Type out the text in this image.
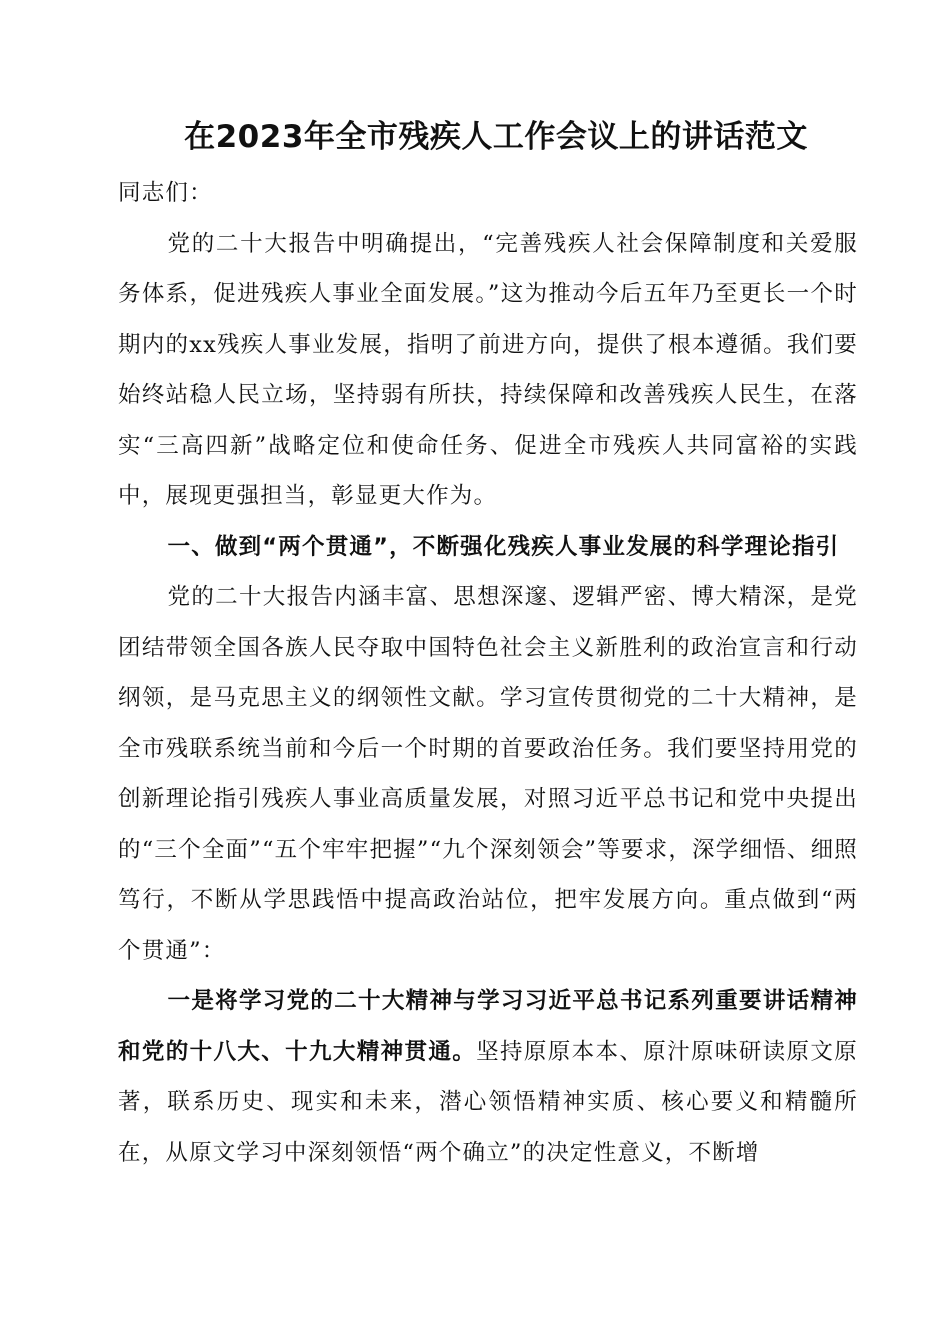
在2023年全市残疾人工作会议上的讲话范文

同志们：

党的二十大报告中明确提出，“完善残疾人社会保障制度和关爱服务体系，促进残疾人事业全面发展。”这为推动今后五年乃至更长一个时期内的xx残疾人事业发展，指明了前进方向，提供了根本遵循。我们要始终站稳人民立场，坚持弱有所扶，持续保障和改善残疾人民生，在落实“三高四新”战略定位和使命任务、促进全市残疾人共同富裕的实践中，展现更强担当，彰显更大作为。

一、做到“两个贯通”，不断强化残疾人事业发展的科学理论指引

党的二十大报告内涵丰富、思想深邃、逻辑严密、博大精深，是党团结带领全国各族人民夺取中国特色社会主义新胜利的政治宣言和行动纲领，是马克思主义的纲领性文献。学习宣传贯彻党的二十大精神，是全市残联系统当前和今后一个时期的首要政治任务。我们要坚持用党的创新理论指引残疾人事业高质量发展，对照习近平总书记和党中央提出的“三个全面”“五个牢牢把握”“九个深刻领会”等要求，深学细悟、细照笃行，不断从学思践悟中提高政治站位，把牢发展方向。重点做到“两个贯通”：

一是将学习党的二十大精神与学习习近平总书记系列重要讲话精神和党的十八大、十九大精神贯通。坚持原原本本、原汁原味研读原文原著，联系历史、现实和未来，潜心领悟精神实质、核心要义和精髓所在，从原文学习中深刻领悟“两个确立”的决定性意义，不断增
